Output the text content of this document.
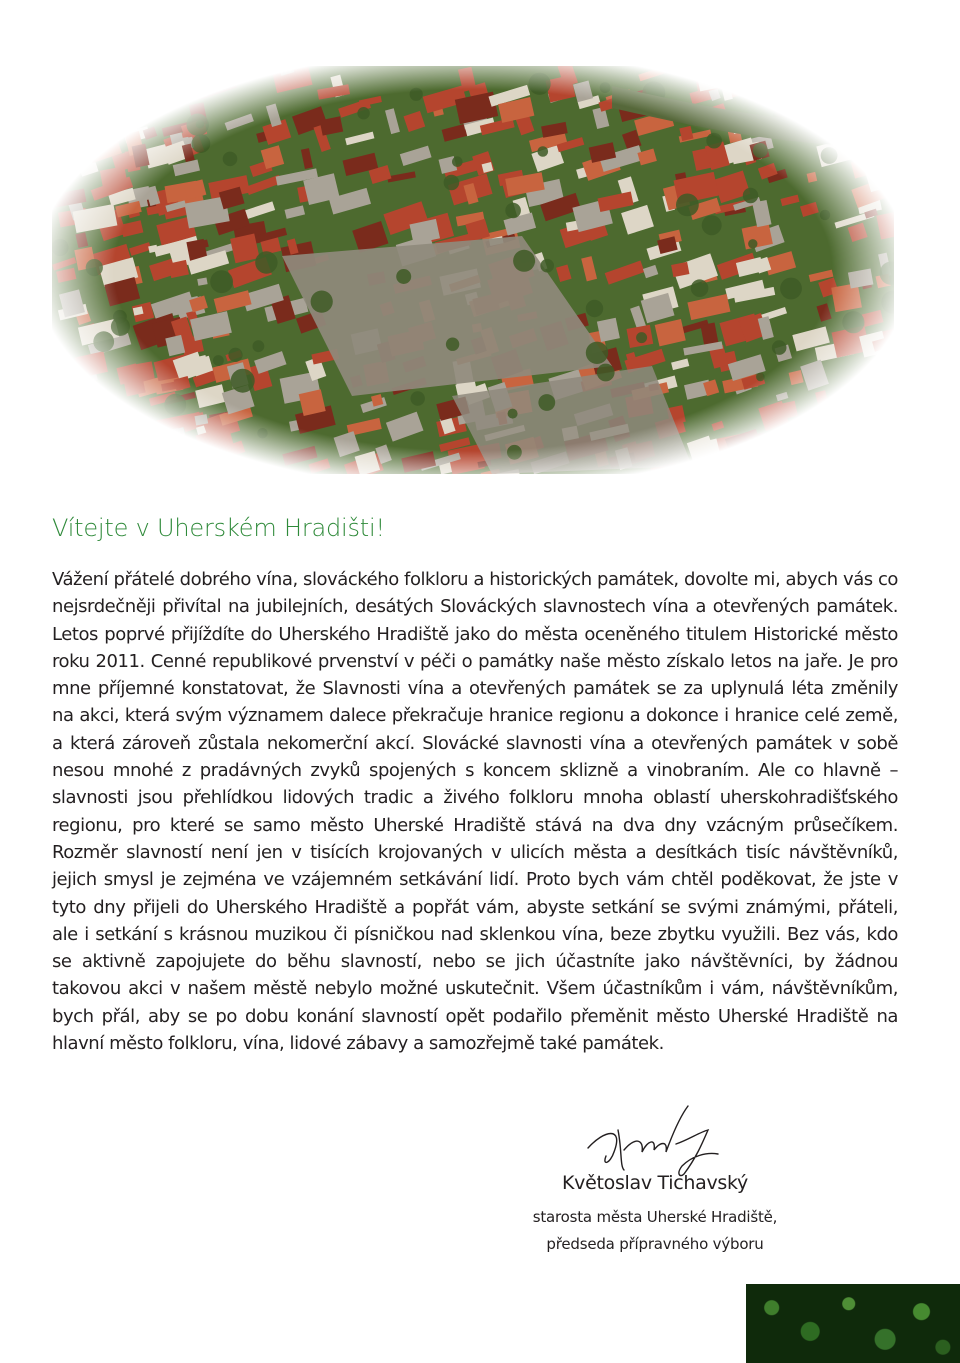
Vítejte v Uherském Hradišti!

Vážení přátelé dobrého vína, slováckého folkloru a historických památek, dovolte mi, abych vás co nejsrdečněji přivítal na jubilejních, desátých Slováckých slavnostech vína a otevřených památek. Letos poprvé přijíždíte do Uherského Hradiště jako do města oceněného titulem Historické město roku 2011. Cenné republikové prvenství v péči o památky naše město získalo letos na jaře. Je pro mne příjemné konstatovat, že Slavnosti vína a otevřených památek se za uplynulá léta změnily na akci, která svým významem dalece překračuje hranice regionu a dokonce i hranice celé země, a která zároveň zůstala nekomerční akcí. Slovácké slavnosti vína a otevřených památek v sobě nesou mnohé z pradávných zvyků spojených s koncem sklizně a vinobraním. Ale co hlavně – slavnosti jsou přehlídkou lidových tradic a živého folkloru mnoha oblastí uherskohradišťského regionu, pro které se samo město Uherské Hradiště stává na dva dny vzácným průsečíkem. Rozměr slavností není jen v tisících krojovaných v ulicích města a desítkách tisíc návštěvníků, jejich smysl je zejména ve vzájemném setkávání lidí. Proto bych vám chtěl poděkovat, že jste v tyto dny přijeli do Uherského Hradiště a popřát vám, abyste setkání se svými známými, přáteli, ale i setkání s krásnou muzikou či písničkou nad sklenkou vína, beze zbytku využili. Bez vás, kdo se aktivně zapojujete do běhu slavností, nebo se jich účastníte jako návštěvníci, by žádnou takovou akci v našem městě nebylo možné uskutečnit. Všem účastníkům i vám, návštěvníkům, bych přál, aby se po dobu konání slavností opět podařilo přeměnit město Uherské Hradiště na hlavní město folkloru, vína, lidové zábavy a samozřejmě také památek.

Květoslav Tichavský
starosta města Uherské Hradiště,
předseda přípravného výboru
